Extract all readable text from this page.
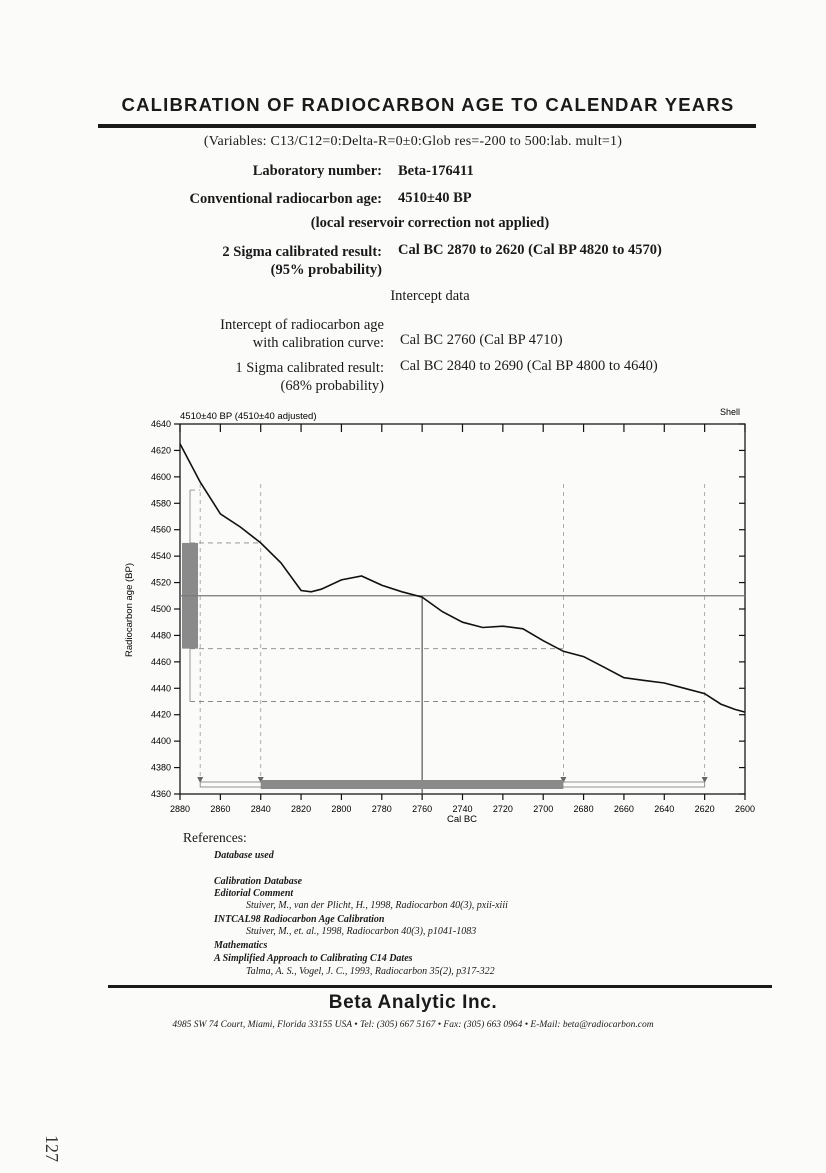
CALIBRATION OF RADIOCARBON AGE TO CALENDAR YEARS
(Variables: C13/C12=0:Delta-R=0±0:Glob res=-200 to 500:lab. mult=1)
Laboratory number: Beta-176411
Conventional radiocarbon age: 4510±40 BP
(local reservoir correction not applied)
2 Sigma calibrated result: Cal BC 2870 to 2620 (Cal BP 4820 to 4570)
(95% probability)
Intercept data
Intercept of radiocarbon age
with calibration curve: Cal BC 2760 (Cal BP 4710)
1 Sigma calibrated result: Cal BC 2840 to 2690 (Cal BP 4800 to 4640)
(68% probability)
2880 2860 2840 2820 2800 2780 2760 2740 2720 2700 2680 2660 2640 2620 2600
4640
4620
4600
4580
4560
4540
4520
4500
4480
4460
4440
4420
4400
4380
4360
4510±40 BP (4510±40 adjusted)	Shell
Cal BC
Radiocarbon age (BP)
References:
Database used
Calibration Database
Editorial Comment
Stuiver, M., van der Plicht, H., 1998, Radiocarbon 40(3), pxii-xiii
INTCAL98 Radiocarbon Age Calibration
Stuiver, M., et. al., 1998, Radiocarbon 40(3), p1041-1083
Mathematics
A Simplified Approach to Calibrating C14 Dates
Talma, A. S., Vogel, J. C., 1993, Radiocarbon 35(2), p317-322
Beta Analytic Inc.
4985 SW 74 Court, Miami, Florida 33155 USA • Tel: (305) 667 5167 • Fax: (305) 663 0964 • E-Mail: beta@radiocarbon.com
127
